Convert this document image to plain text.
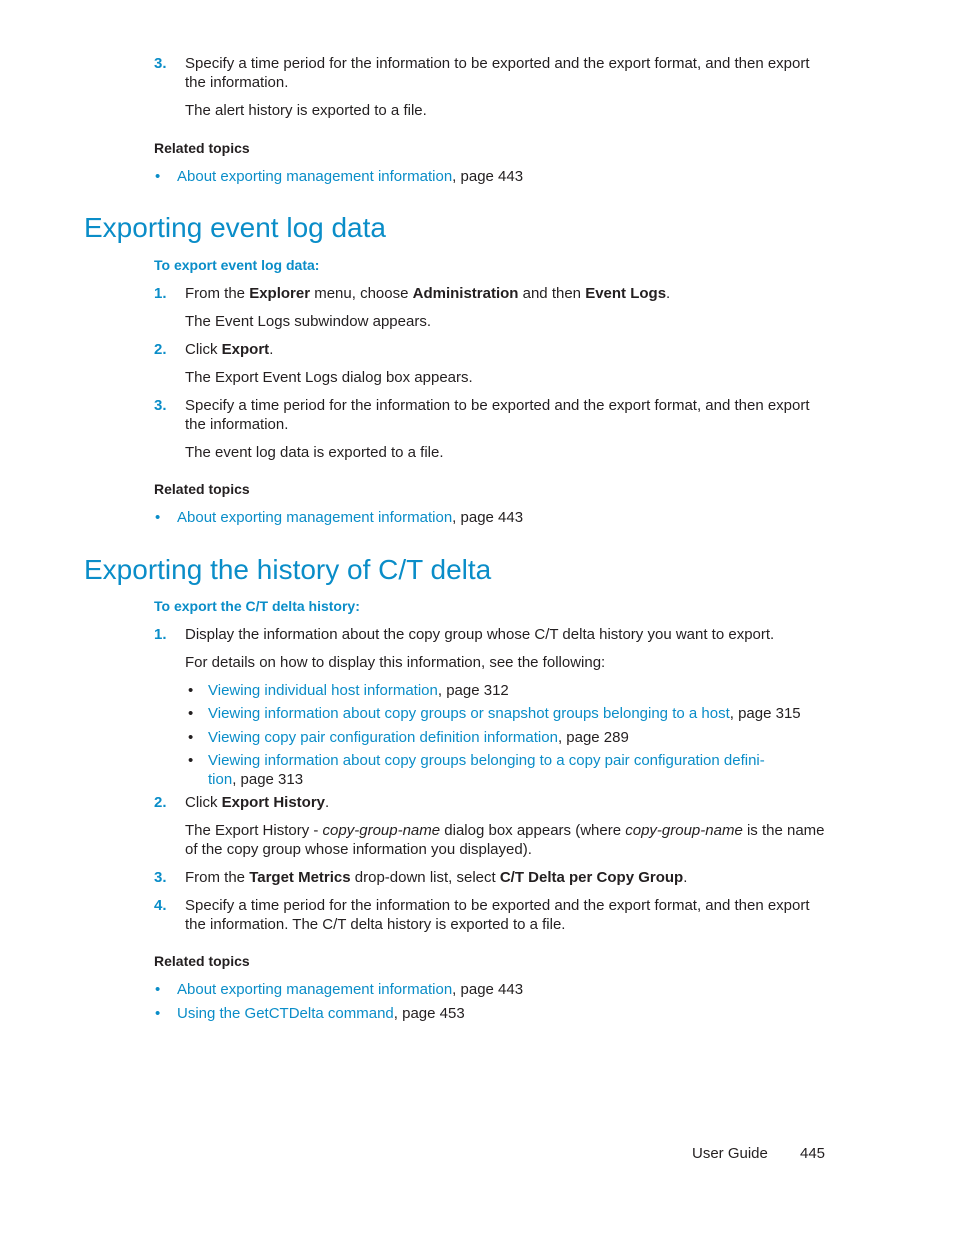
3. Specify a time period for the information to be exported and the export format, and then export the information.
The alert history is exported to a file.
Related topics
• About exporting management information, page 443
Exporting event log data
To export event log data:
1. From the Explorer menu, choose Administration and then Event Logs.
The Event Logs subwindow appears.
2. Click Export.
The Export Event Logs dialog box appears.
3. Specify a time period for the information to be exported and the export format, and then export the information.
The event log data is exported to a file.
Related topics
• About exporting management information, page 443
Exporting the history of C/T delta
To export the C/T delta history:
1. Display the information about the copy group whose C/T delta history you want to export.
For details on how to display this information, see the following:
• Viewing individual host information, page 312
• Viewing information about copy groups or snapshot groups belonging to a host, page 315
• Viewing copy pair configuration definition information, page 289
• Viewing information about copy groups belonging to a copy pair configuration defini-
tion, page 313
2. Click Export History.
The Export History - copy-group-name dialog box appears (where copy-group-name is the name of the copy group whose information you displayed).
3. From the Target Metrics drop-down list, select C/T Delta per Copy Group.
4. Specify a time period for the information to be exported and the export format, and then export the information. The C/T delta history is exported to a file.
Related topics
• About exporting management information, page 443
• Using the GetCTDelta command, page 453
User Guide 445
